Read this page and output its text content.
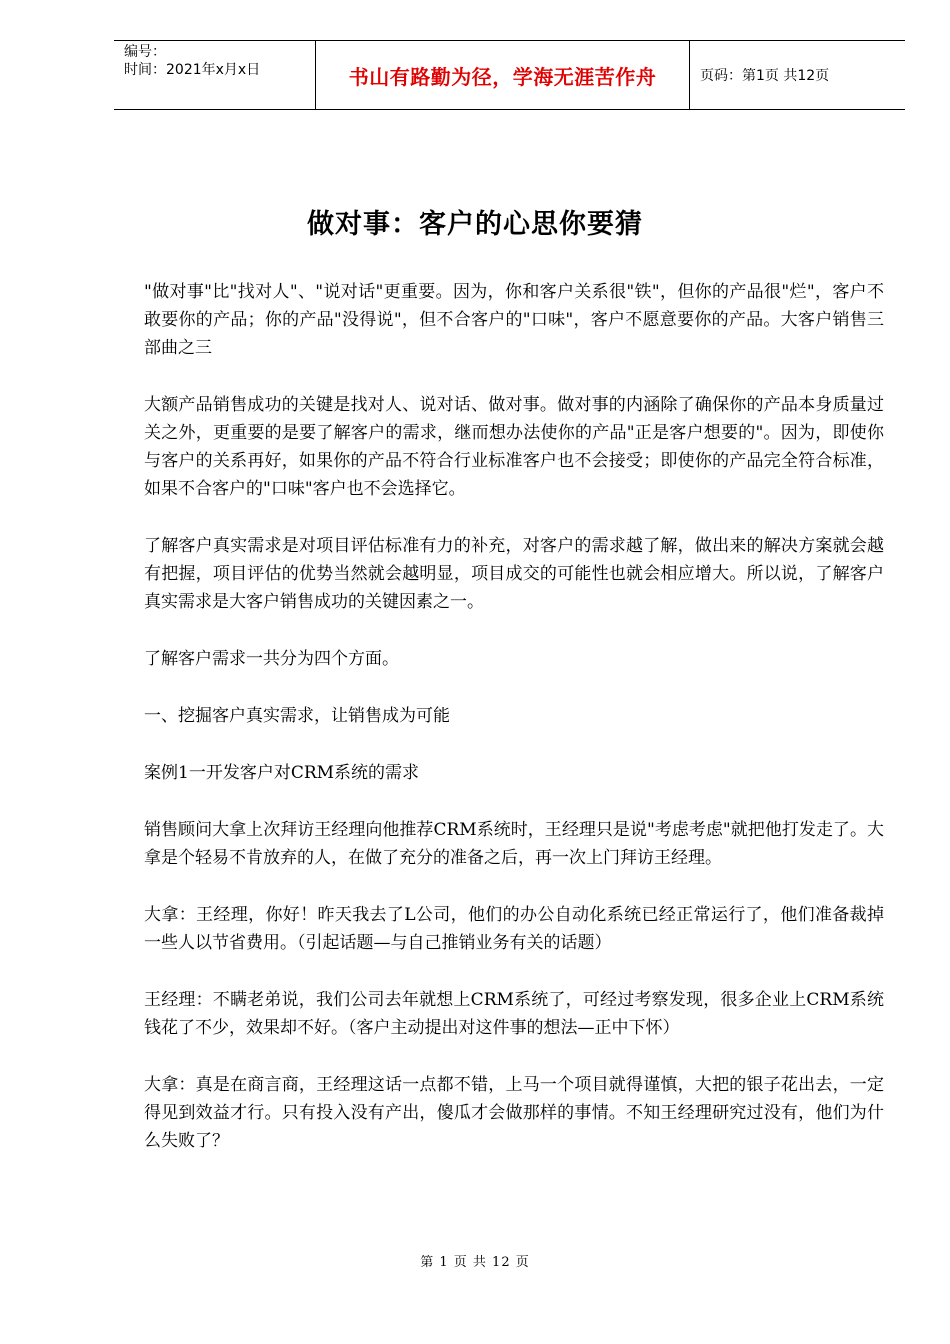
编号：
时间：2021年x月x日	书山有路勤为径，学海无涯苦作舟	页码：第1页 共12页
做对事：客户的心思你要猜

"做对事"比"找对人"、"说对话"更重要。因为，你和客户关系很"铁"，但你的产品很"烂"，客户不敢要你的产品；你的产品"没得说"，但不合客户的"口味"，客户不愿意要你的产品。大客户销售三部曲之三

大额产品销售成功的关键是找对人、说对话、做对事。做对事的内涵除了确保你的产品本身质量过关之外，更重要的是要了解客户的需求，继而想办法使你的产品"正是客户想要的"。因为，即使你与客户的关系再好，如果你的产品不符合行业标准客户也不会接受；即使你的产品完全符合标准，如果不合客户的"口味"客户也不会选择它。

了解客户真实需求是对项目评估标准有力的补充，对客户的需求越了解，做出来的解决方案就会越有把握，项目评估的优势当然就会越明显，项目成交的可能性也就会相应增大。所以说，了解客户真实需求是大客户销售成功的关键因素之一。

了解客户需求一共分为四个方面。

一、挖掘客户真实需求，让销售成为可能

案例1一开发客户对CRM系统的需求

销售顾问大拿上次拜访王经理向他推荐CRM系统时，王经理只是说"考虑考虑"就把他打发走了。大拿是个轻易不肯放弃的人，在做了充分的准备之后，再一次上门拜访王经理。

大拿：王经理，你好！昨天我去了L公司，他们的办公自动化系统已经正常运行了，他们准备裁掉一些人以节省费用。（引起话题—与自己推销业务有关的话题）

王经理：不瞒老弟说，我们公司去年就想上CRM系统了，可经过考察发现，很多企业上CRM系统钱花了不少，效果却不好。（客户主动提出对这件事的想法—正中下怀）

大拿：真是在商言商，王经理这话一点都不错，上马一个项目就得谨慎，大把的银子花出去，一定得见到效益才行。只有投入没有产出，傻瓜才会做那样的事情。不知王经理研究过没有，他们为什么失败了？

第 1 页 共 12 页
